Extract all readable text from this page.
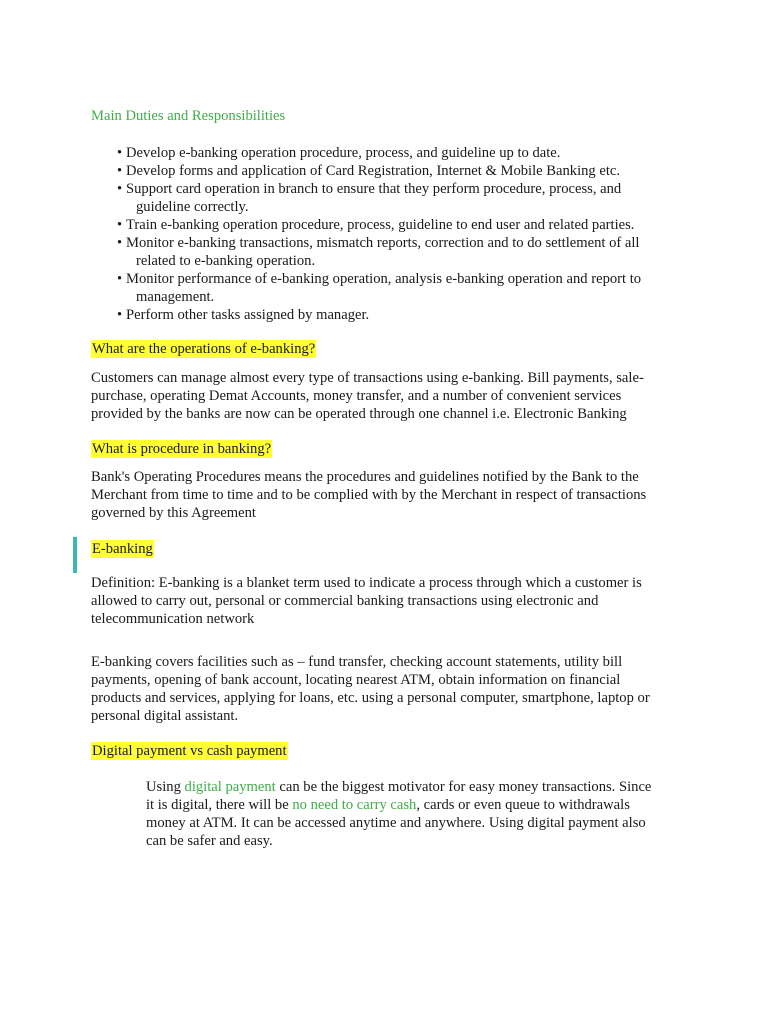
Main Duties and Responsibilities
• Develop e-banking operation procedure, process, and guideline up to date.
• Develop forms and application of Card Registration, Internet & Mobile Banking etc.
• Support card operation in branch to ensure that they perform procedure, process, and
guideline correctly.
• Train e-banking operation procedure, process, guideline to end user and related parties.
• Monitor e-banking transactions, mismatch reports, correction and to do settlement of all
related to e-banking operation.
• Monitor performance of e-banking operation, analysis e-banking operation and report to
management.
• Perform other tasks assigned by manager.
What are the operations of e-banking?
Customers can manage almost every type of transactions using e-banking. Bill payments, sale-
purchase, operating Demat Accounts, money transfer, and a number of convenient services
provided by the banks are now can be operated through one channel i.e. Electronic Banking
What is procedure in banking?
Bank's Operating Procedures means the procedures and guidelines notified by the Bank to the
Merchant from time to time and to be complied with by the Merchant in respect of transactions
governed by this Agreement
E-banking
Definition: E-banking is a blanket term used to indicate a process through which a customer is
allowed to carry out, personal or commercial banking transactions using electronic and
telecommunication network
E-banking covers facilities such as – fund transfer, checking account statements, utility bill
payments, opening of bank account, locating nearest ATM, obtain information on financial
products and services, applying for loans, etc. using a personal computer, smartphone, laptop or
personal digital assistant.
Digital payment vs cash payment
Using digital payment can be the biggest motivator for easy money transactions. Since
it is digital, there will be no need to carry cash, cards or even queue to withdrawals
money at ATM. It can be accessed anytime and anywhere. Using digital payment also
can be safer and easy.
